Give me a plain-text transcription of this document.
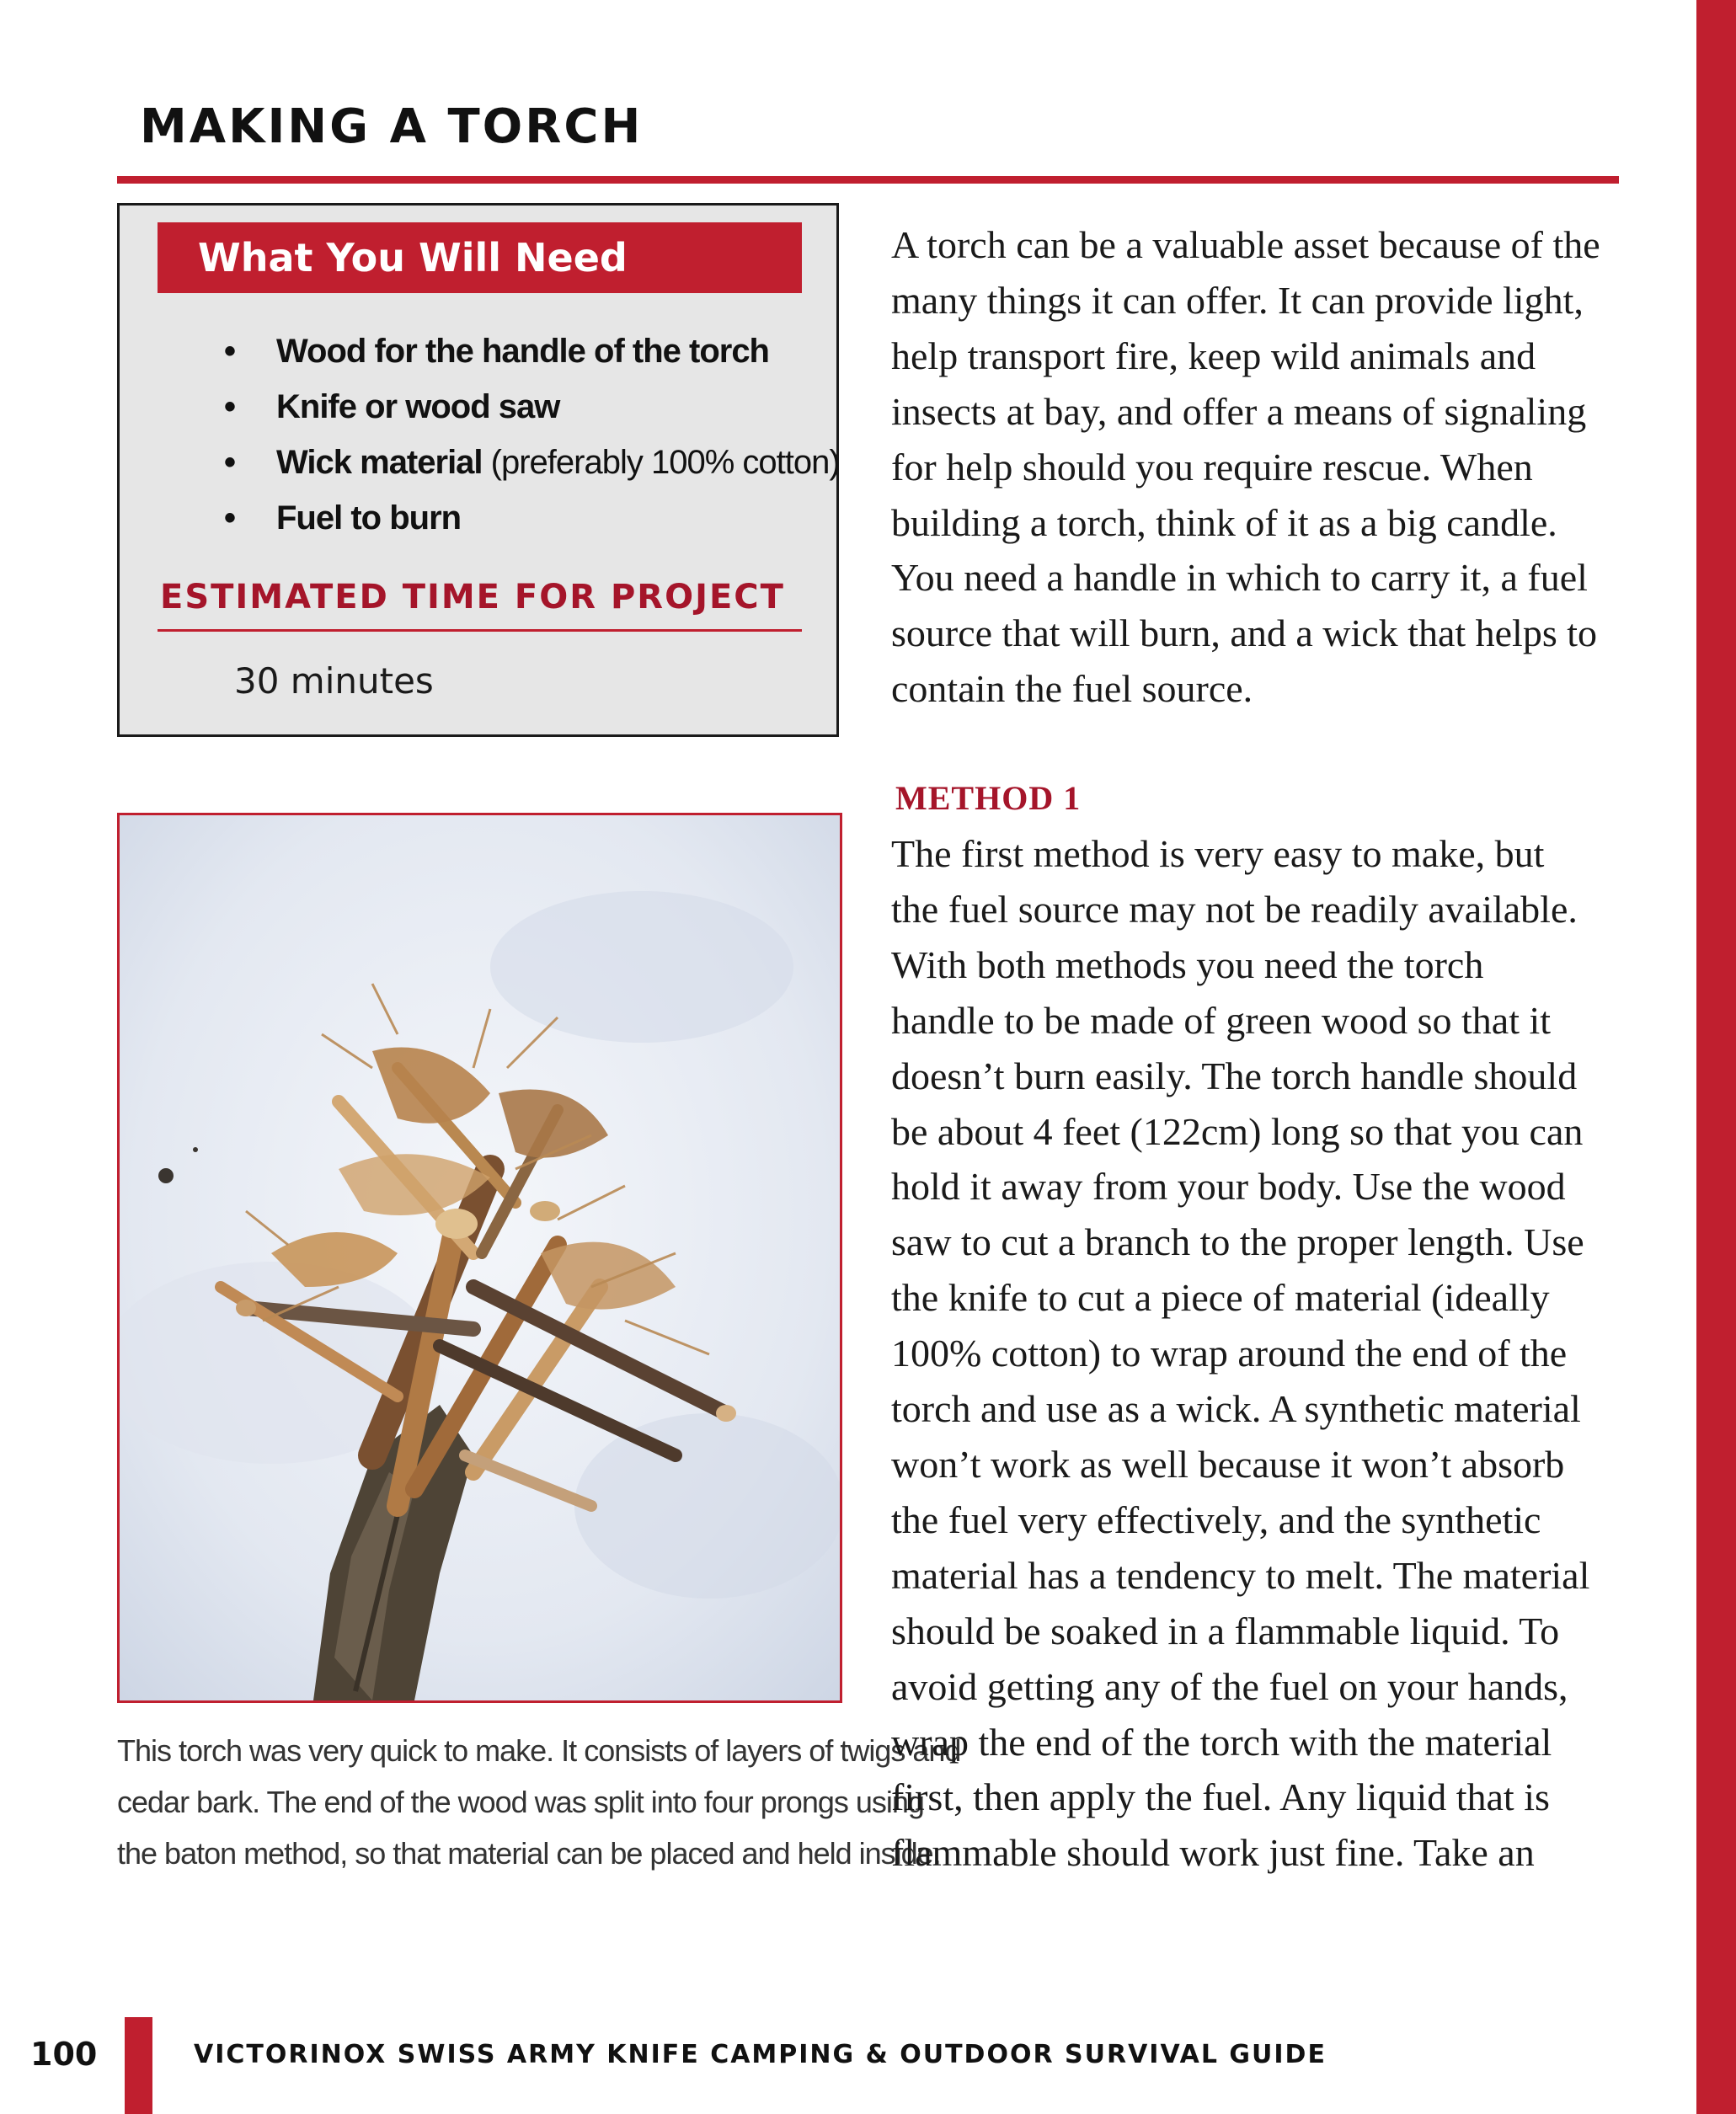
MAKING A TORCH
What You Will Need
• Wood for the handle of the torch
• Knife or wood saw
• Wick material (preferably 100% cotton)
• Fuel to burn
ESTIMATED TIME FOR PROJECT
30 minutes
This torch was very quick to make. It consists of layers of twigs and
cedar bark. The end of the wood was split into four prongs using
the baton method, so that material can be placed and held inside.
A torch can be a valuable asset because of the
many things it can offer. It can provide light,
help transport fire, keep wild animals and
insects at bay, and offer a means of signaling
for help should you require rescue. When
building a torch, think of it as a big candle.
You need a handle in which to carry it, a fuel
source that will burn, and a wick that helps to
contain the fuel source.
METHOD 1
The first method is very easy to make, but
the fuel source may not be readily available.
With both methods you need the torch
handle to be made of green wood so that it
doesn’t burn easily. The torch handle should
be about 4 feet (122cm) long so that you can
hold it away from your body. Use the wood
saw to cut a branch to the proper length. Use
the knife to cut a piece of material (ideally
100% cotton) to wrap around the end of the
torch and use as a wick. A synthetic material
won’t work as well because it won’t absorb
the fuel very effectively, and the synthetic
material has a tendency to melt. The material
should be soaked in a flammable liquid. To
avoid getting any of the fuel on your hands,
wrap the end of the torch with the material
first, then apply the fuel. Any liquid that is
flammable should work just fine. Take an
100	VICTORINOX SWISS ARMY KNIFE CAMPING & OUTDOOR SURVIVAL GUIDE
